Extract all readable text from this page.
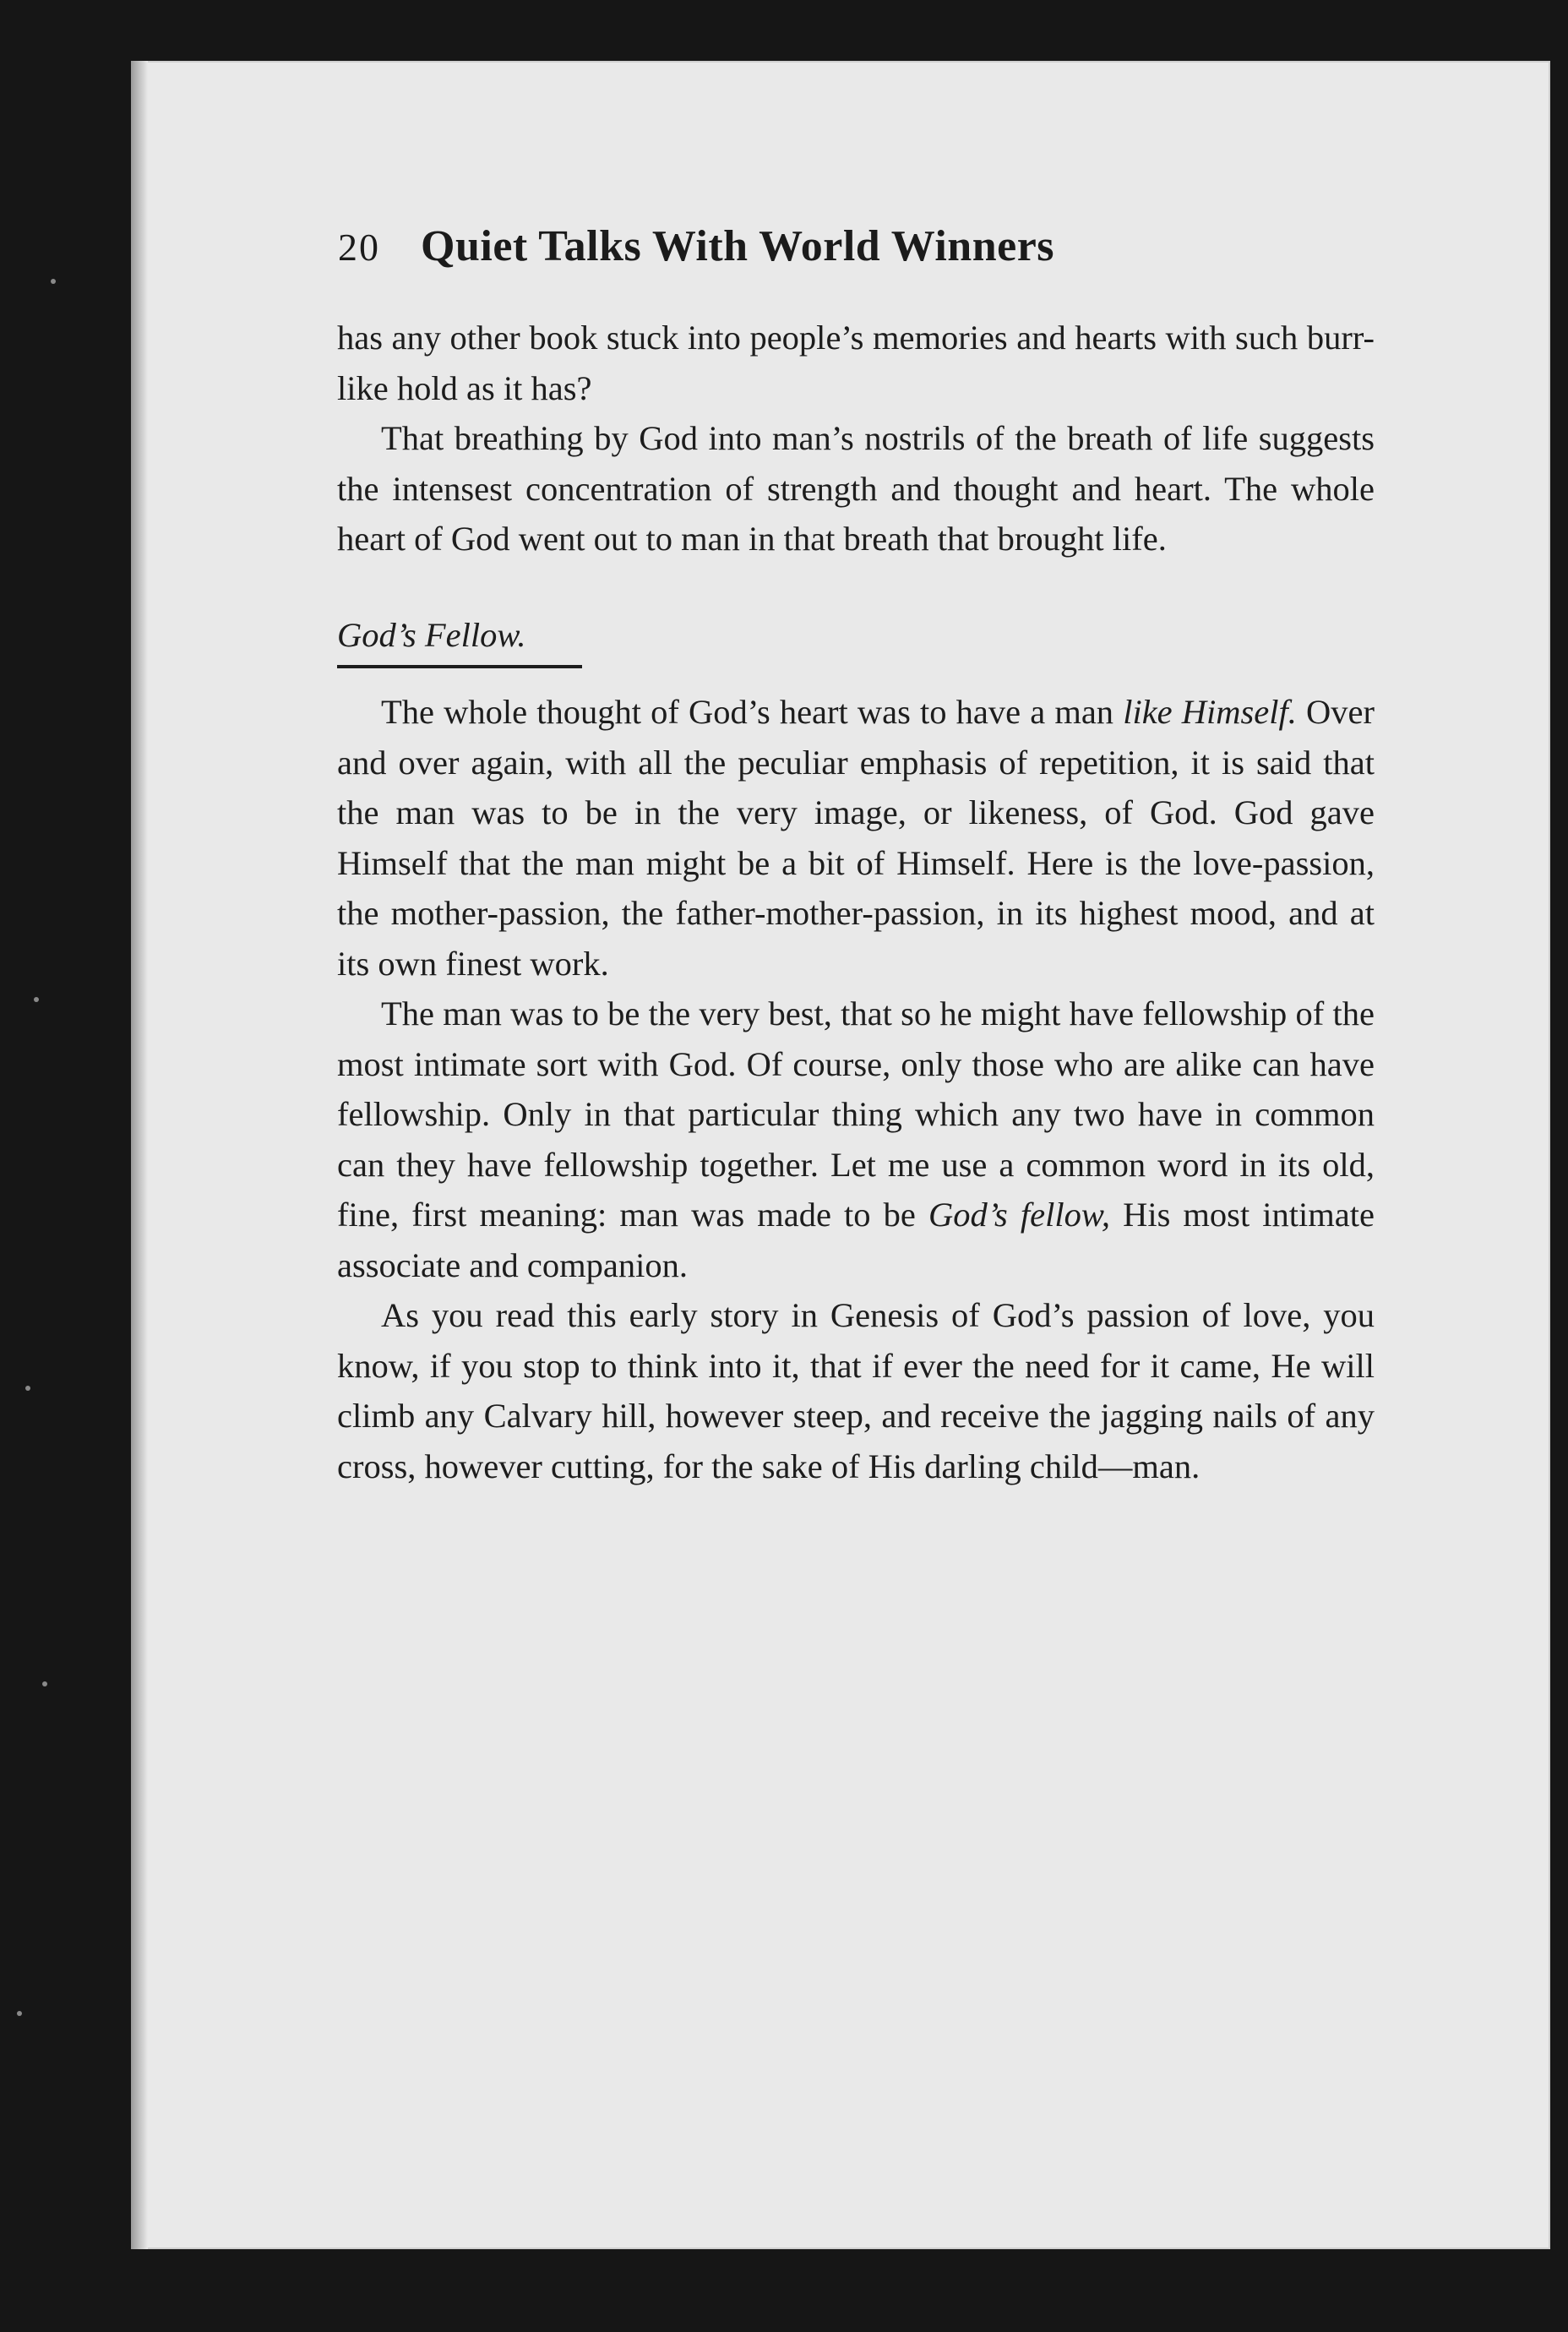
20 Quiet Talks With World Winners

has any other book stuck into people’s memories and hearts with such burr-like hold as it has?

That breathing by God into man’s nostrils of the breath of life suggests the intensest concentration of strength and thought and heart. The whole heart of God went out to man in that breath that brought life.

God’s Fellow.

The whole thought of God’s heart was to have a man like Himself. Over and over again, with all the peculiar emphasis of repetition, it is said that the man was to be in the very image, or likeness, of God. God gave Himself that the man might be a bit of Himself. Here is the love-passion, the mother-passion, the father-mother-passion, in its highest mood, and at its own finest work.

The man was to be the very best, that so he might have fellowship of the most intimate sort with God. Of course, only those who are alike can have fellowship. Only in that particular thing which any two have in common can they have fellowship together. Let me use a common word in its old, fine, first meaning: man was made to be God’s fellow, His most intimate associate and companion.

As you read this early story in Genesis of God’s passion of love, you know, if you stop to think into it, that if ever the need for it came, He will climb any Calvary hill, however steep, and receive the jagging nails of any cross, however cutting, for the sake of His darling child—man.
